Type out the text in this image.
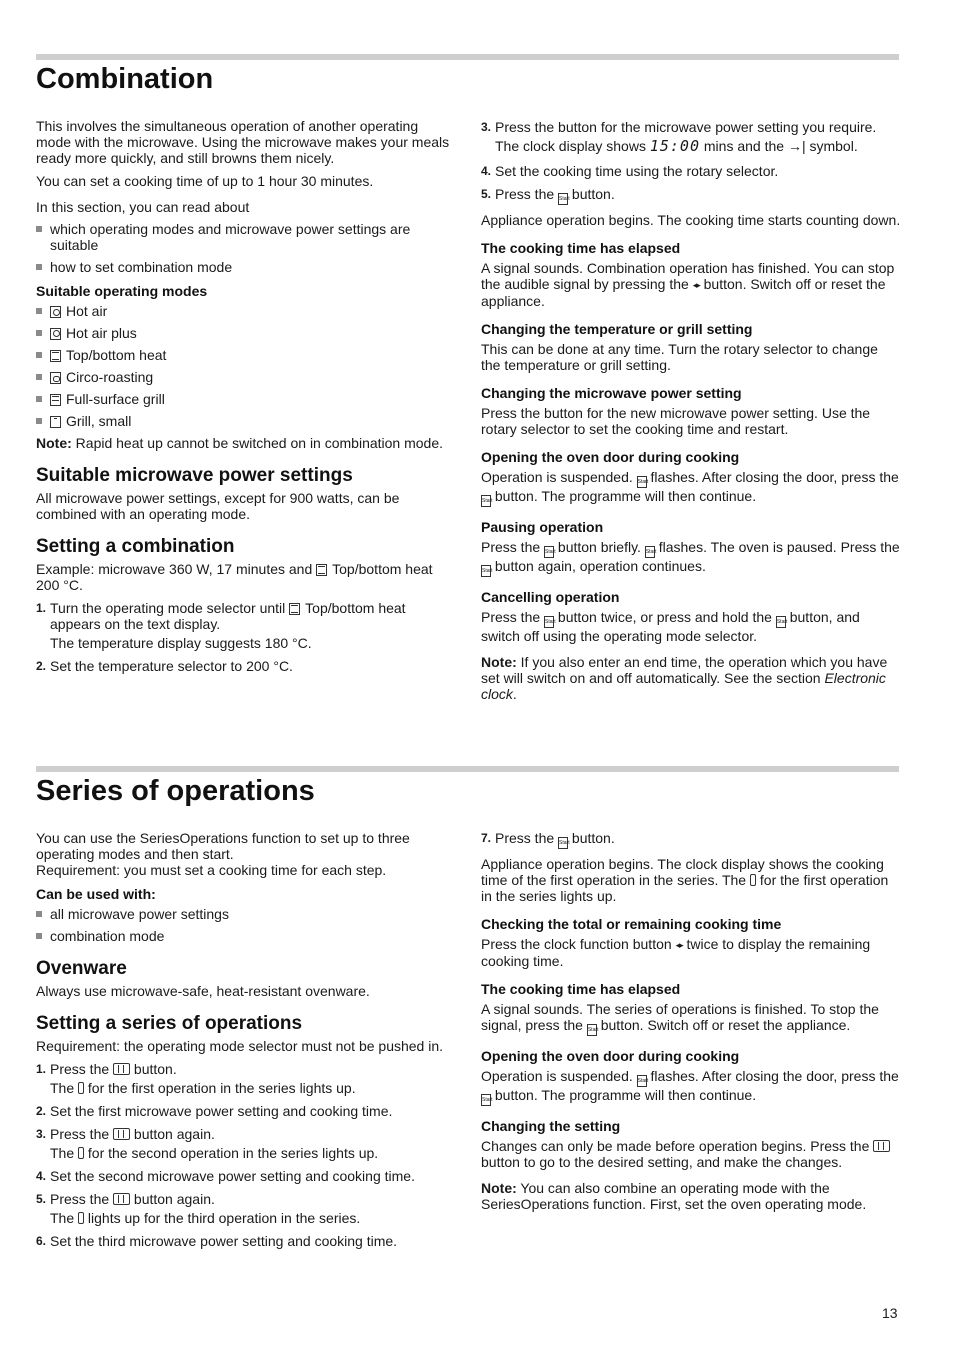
Combination

This involves the simultaneous operation of another operating mode with the microwave. Using the microwave makes your meals ready more quickly, and still browns them nicely.

You can set a cooking time of up to 1 hour 30 minutes.

In this section, you can read about

which operating modes and microwave power settings are suitable
how to set combination mode
Suitable operating modes
Hot air
Hot air plus
Top/bottom heat
Circo-roasting
Full-surface grill
Grill, small

Note: Rapid heat up cannot be switched on in combination mode.

Suitable microwave power settings

All microwave power settings, except for 900 watts, can be combined with an operating mode.

Setting a combination

Example: microwave 360 W, 17 minutes and Top/bottom heat 200 °C.

1. Turn the operating mode selector until Top/bottom heat appears on the text display.
The temperature display suggests 180 °C.
2. Set the temperature selector to 200 °C.
3. Press the button for the microwave power setting you require. The clock display shows 15:00 mins and the →| symbol.
4. Set the cooking time using the rotary selector.
5. Press the Start button.

Appliance operation begins. The cooking time starts counting down.

The cooking time has elapsed

A signal sounds. Combination operation has finished. You can stop the audible signal by pressing the ◂▸ button. Switch off or reset the appliance.

Changing the temperature or grill setting

This can be done at any time. Turn the rotary selector to change the temperature or grill setting.

Changing the microwave power setting

Press the button for the new microwave power setting. Use the rotary selector to set the cooking time and restart.

Opening the oven door during cooking

Operation is suspended. Start flashes. After closing the door, press the Start button. The programme will then continue.

Pausing operation

Press the Start button briefly. Start flashes. The oven is paused. Press the Start button again, operation continues.

Cancelling operation

Press the Start button twice, or press and hold the Start button, and switch off using the operating mode selector.

Note: If you also enter an end time, the operation which you have set will switch on and off automatically. See the section Electronic clock.

Series of operations

You can use the SeriesOperations function to set up to three operating modes and then start.
Requirement: you must set a cooking time for each step.

Can be used with:
all microwave power settings
combination mode
Ovenware

Always use microwave-safe, heat-resistant ovenware.

Setting a series of operations

Requirement: the operating mode selector must not be pushed in.

1. Press the button.
The for the first operation in the series lights up.
2. Set the first microwave power setting and cooking time.
3. Press the button again.
The for the second operation in the series lights up.
4. Set the second microwave power setting and cooking time.
5. Press the button again.
The lights up for the third operation in the series.
6. Set the third microwave power setting and cooking time.
7. Press the Start button.

Appliance operation begins. The clock display shows the cooking time of the first operation in the series. The for the first operation in the series lights up.

Checking the total or remaining cooking time

Press the clock function button ◂▸ twice to display the remaining cooking time.

The cooking time has elapsed

A signal sounds. The series of operations is finished. To stop the signal, press the Start button. Switch off or reset the appliance.

Opening the oven door during cooking

Operation is suspended. Start flashes. After closing the door, press the Start button. The programme will then continue.

Changing the setting

Changes can only be made before operation begins. Press the  button to go to the desired setting, and make the changes.

Note: You can also combine an operating mode with the SeriesOperations function. First, set the oven operating mode.

13
